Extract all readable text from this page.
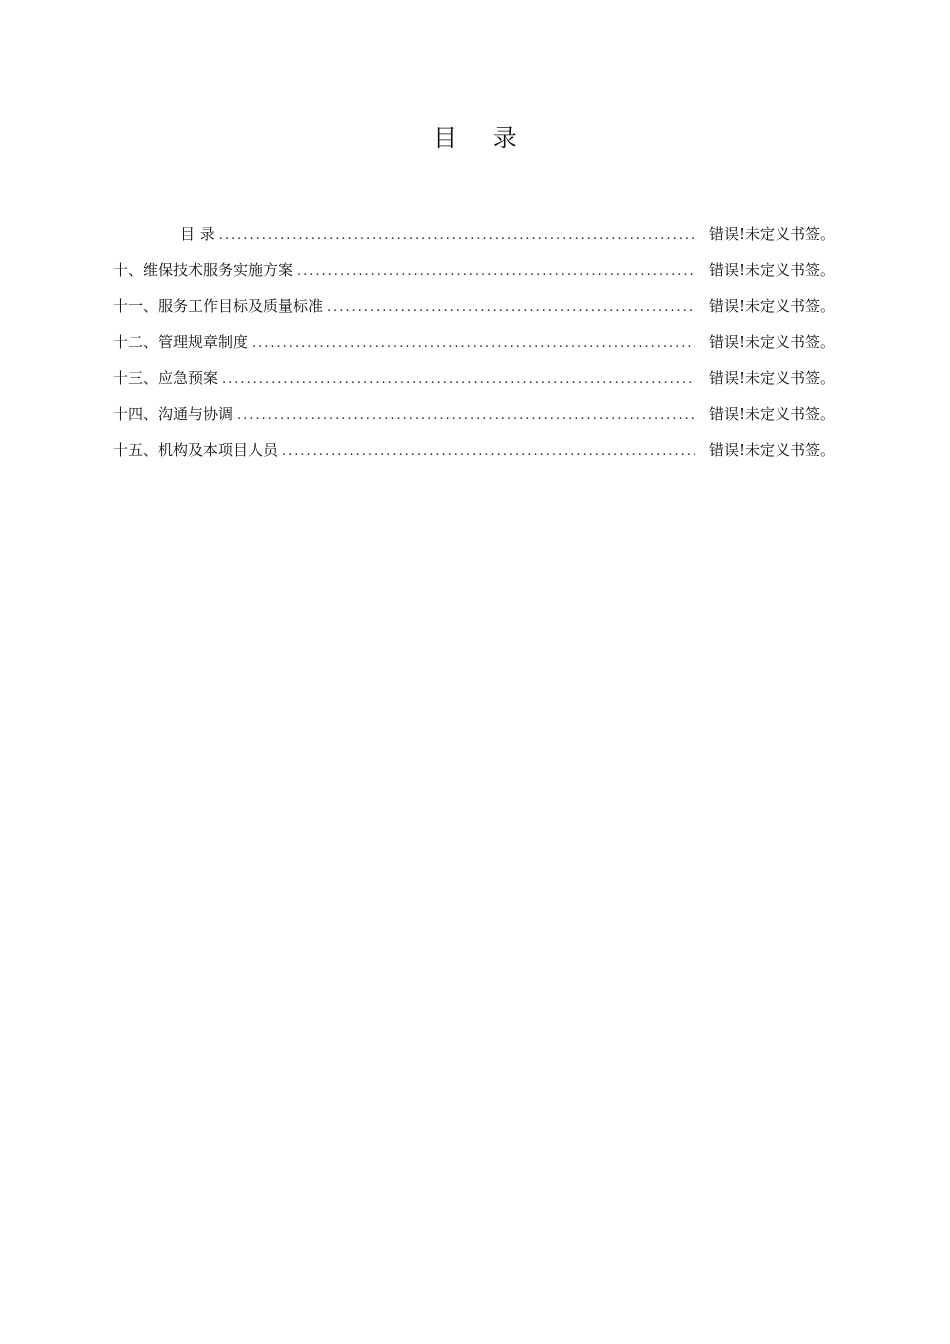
目 录
目 录 .....	错误!未定义书签。
十、维保技术服务实施方案 .....	错误!未定义书签。
十一、服务工作目标及质量标准 .....	错误!未定义书签。
十二、管理规章制度 .....	错误!未定义书签。
十三、应急预案 .....	错误!未定义书签。
十四、沟通与协调 .....	错误!未定义书签。
十五、机构及本项目人员 .....	错误!未定义书签。
